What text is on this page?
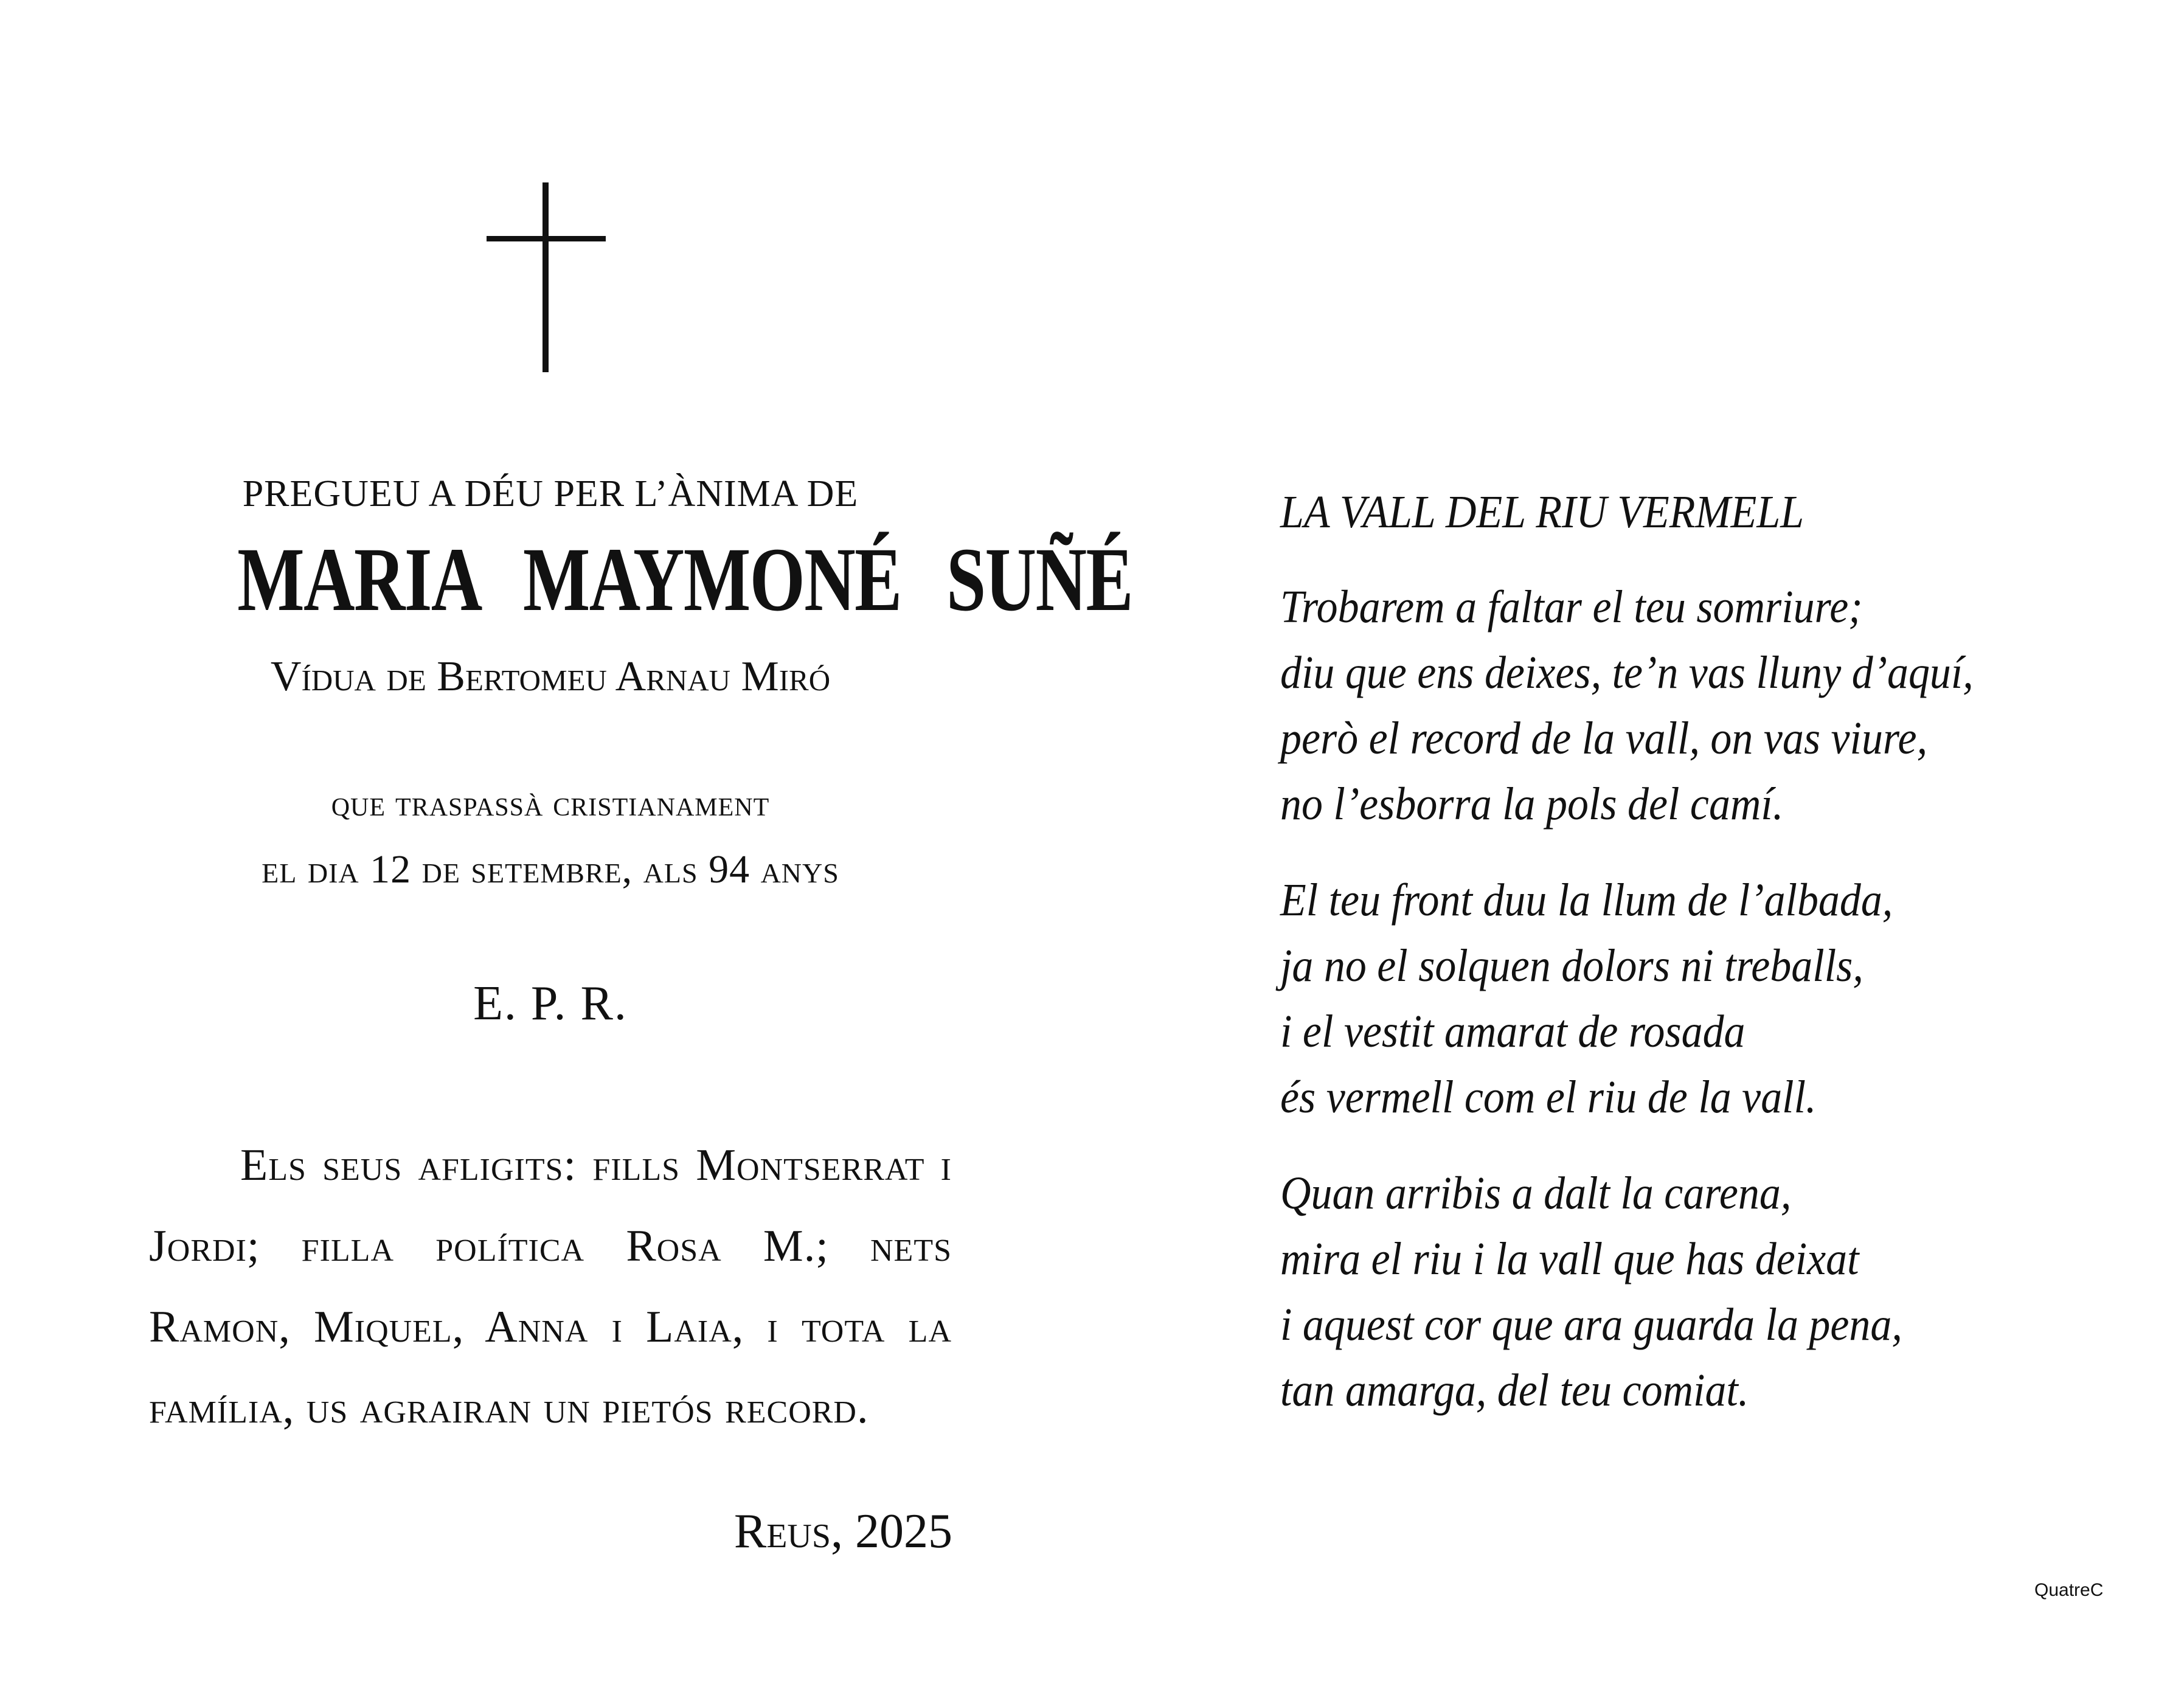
PREGUEU A DÉU PER L’ÀNIMA DE
MARIA MAYMONÉ SUÑÉ
Vídua de Bertomeu Arnau Miró
que traspassà cristianament
el dia 12 de setembre, als 94 anys
E. P. R.
Els seus afligits: fills Montserrat i Jordi; filla política Rosa M.; nets Ramon, Miquel, Anna i Laia, i tota la família, us agrairan un pietós record.
Reus, 2025
LA VALL DEL RIU VERMELL
Trobarem a faltar el teu somriure;
diu que ens deixes, te’n vas lluny d’aquí,
però el record de la vall, on vas viure,
no l’esborra la pols del camí.
El teu front duu la llum de l’albada,
ja no el solquen dolors ni treballs,
i el vestit amarat de rosada
és vermell com el riu de la vall.
Quan arribis a dalt la carena,
mira el riu i la vall que has deixat
i aquest cor que ara guarda la pena,
tan amarga, del teu comiat.
QuatreC
